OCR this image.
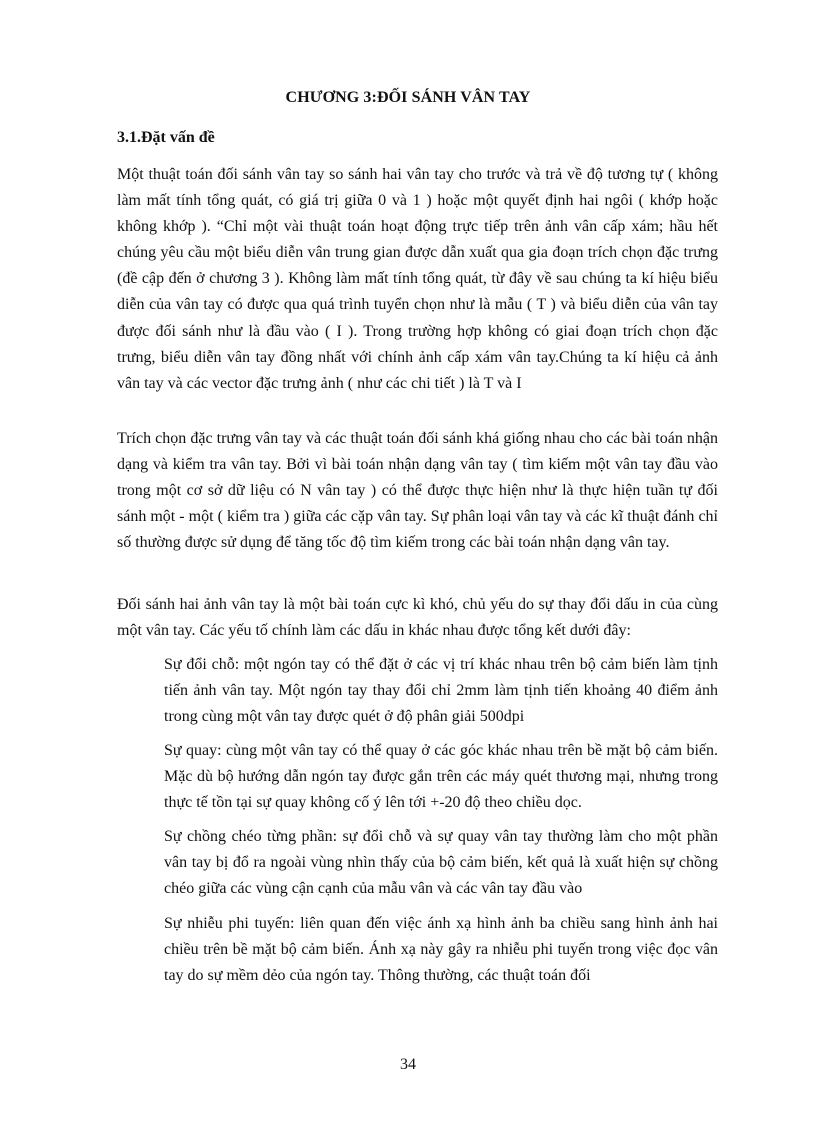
CHƯƠNG 3:ĐỐI SÁNH VÂN TAY
3.1.Đặt vấn đề

Một thuật toán đối sánh vân tay so sánh hai vân tay cho trước và trả về độ tương tự ( không làm mất tính tổng quát, có giá trị giữa 0 và 1 ) hoặc một quyết định hai ngôi ( khớp hoặc không khớp ). “Chỉ một vài thuật toán hoạt động trực tiếp trên ảnh vân cấp xám; hầu hết chúng yêu cầu một biểu diễn vân trung gian được dẫn xuất qua gia đoạn trích chọn đặc trưng (đề cập đến ở chương 3 ). Không làm mất tính tổng quát, từ đây về sau chúng ta kí hiệu biểu diễn của vân tay có được qua quá trình tuyển chọn như là mẫu ( T ) và biểu diễn của vân tay được đối sánh như là đầu vào ( I ). Trong trường hợp không có giai đoạn trích chọn đặc trưng, biểu diễn vân tay đồng nhất với chính ảnh cấp xám vân tay.Chúng ta kí hiệu cả ảnh vân tay và các vector đặc trưng ảnh ( như các chi tiết ) là T và I

Trích chọn đặc trưng vân tay và các thuật toán đối sánh khá giống nhau cho các bài toán nhận dạng và kiểm tra vân tay. Bởi vì bài toán nhận dạng vân tay ( tìm kiếm một vân tay đầu vào trong một cơ sở dữ liệu có N vân tay ) có thể được thực hiện như là thực hiện tuần tự đối sánh một - một ( kiểm tra ) giữa các cặp vân tay. Sự phân loại vân tay và các kĩ thuật đánh chỉ số thường được sử dụng để tăng tốc độ tìm kiếm trong các bài toán nhận dạng vân tay.

Đối sánh hai ảnh vân tay là một bài toán cực kì khó, chủ yếu do sự thay đổi dấu in của cùng một vân tay. Các yếu tố chính làm các dấu in khác nhau được tổng kết dưới đây:

Sự đổi chỗ: một ngón tay có thể đặt ở các vị trí khác nhau trên bộ cảm biến làm tịnh tiến ảnh vân tay. Một ngón tay thay đổi chỉ 2mm làm tịnh tiến khoảng 40 điểm ảnh trong cùng một vân tay được quét ở độ phân giải 500dpi

Sự quay: cùng một vân tay có thể quay ở các góc khác nhau trên bề mặt bộ cảm biến. Mặc dù bộ hướng dẫn ngón tay được gắn trên các máy quét thương mại, nhưng trong thực tế tồn tại sự quay không cố ý lên tới +-20 độ theo chiều dọc.

Sự chồng chéo từng phần: sự đổi chỗ và sự quay vân tay thường làm cho một phần vân tay bị đổ ra ngoài vùng nhìn thấy của bộ cảm biến, kết quả là xuất hiện sự chồng chéo giữa các vùng cận cạnh của mẫu vân và các vân tay đầu vào

Sự nhiễu phi tuyến: liên quan đến việc ánh xạ hình ảnh ba chiều sang hình ảnh hai chiều trên bề mặt bộ cảm biến. Ánh xạ này gây ra nhiễu phi tuyến trong việc đọc vân tay do sự mềm dẻo của ngón tay. Thông thường, các thuật toán đối

34
